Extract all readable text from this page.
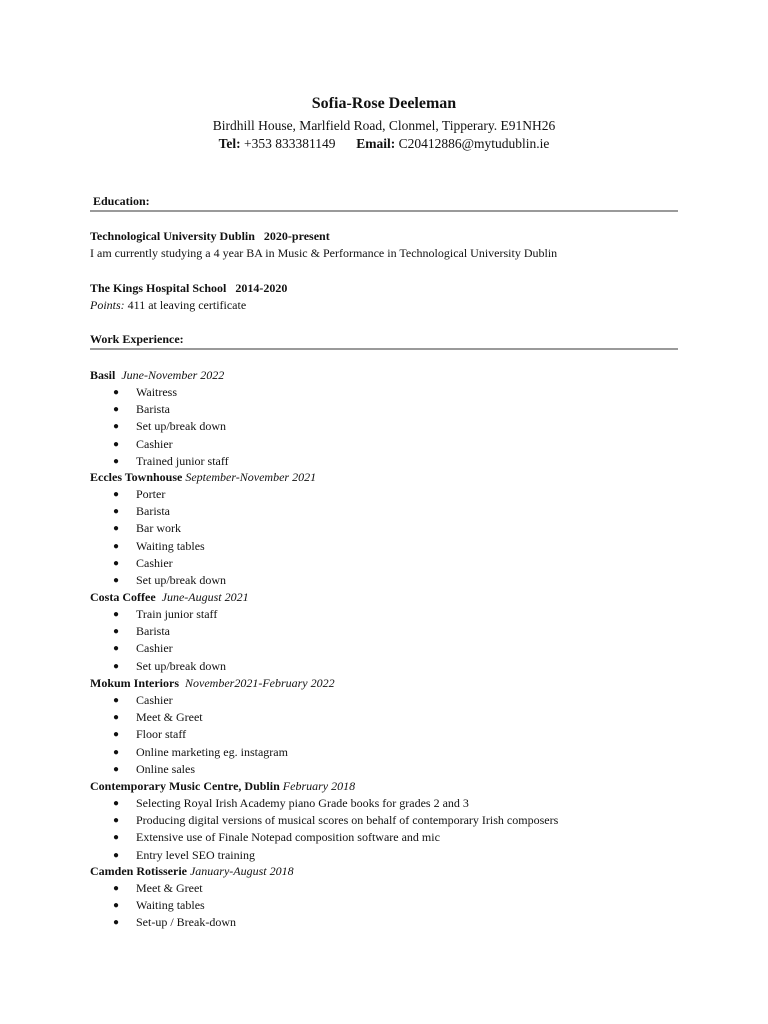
Sofia-Rose Deeleman
Birdhill House, Marlfield Road, Clonmel, Tipperary. E91NH26
Tel: +353 833381149 Email: C20412886@mytudublin.ie
Education:
Technological University Dublin 2020-present
I am currently studying a 4 year BA in Music & Performance in Technological University Dublin
The Kings Hospital School 2014-2020
Points: 411 at leaving certificate
Work Experience:
Basil June-November 2022
● Waitress
● Barista
● Set up/break down
● Cashier
● Trained junior staff
Eccles Townhouse September-November 2021
● Porter
● Barista
● Bar work
● Waiting tables
● Cashier
● Set up/break down
Costa Coffee June-August 2021
● Train junior staff
● Barista
● Cashier
● Set up/break down
Mokum Interiors November2021-February 2022
● Cashier
● Meet & Greet
● Floor staff
● Online marketing eg. instagram
● Online sales
Contemporary Music Centre, Dublin February 2018
● Selecting Royal Irish Academy piano Grade books for grades 2 and 3
● Producing digital versions of musical scores on behalf of contemporary Irish composers
● Extensive use of Finale Notepad composition software and mic
● Entry level SEO training
Camden Rotisserie January-August 2018
● Meet & Greet
● Waiting tables
● Set-up / Break-down
